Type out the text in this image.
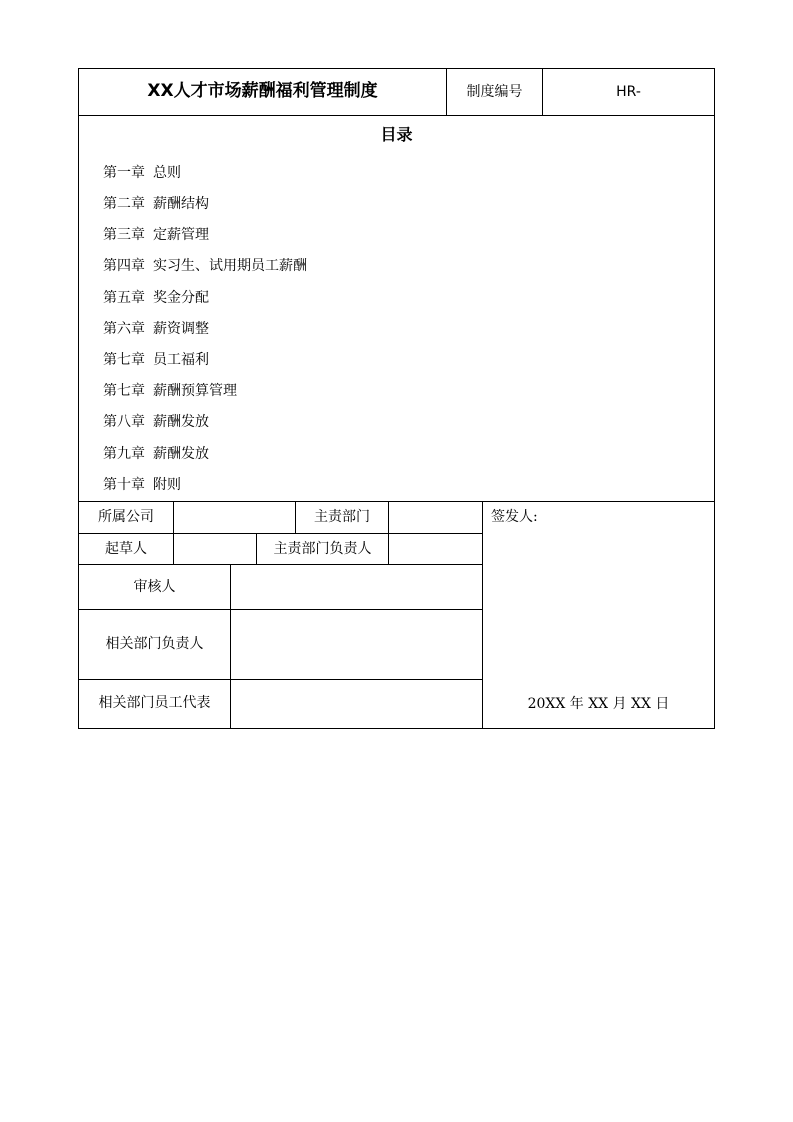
XX人才市场薪酬福利管理制度	制度编号	HR-
目录
第一章 总则
第二章 薪酬结构
第三章 定薪管理
第四章 实习生、试用期员工薪酬
第五章 奖金分配
第六章 薪资调整
第七章 员工福利
第七章 薪酬预算管理
第八章 薪酬发放
第九章 薪酬发放
第十章 附则
所属公司	主责部门	签发人:
起草人	主责部门负责人
审核人
相关部门负责人
相关部门员工代表	20XX 年 XX 月 XX 日
